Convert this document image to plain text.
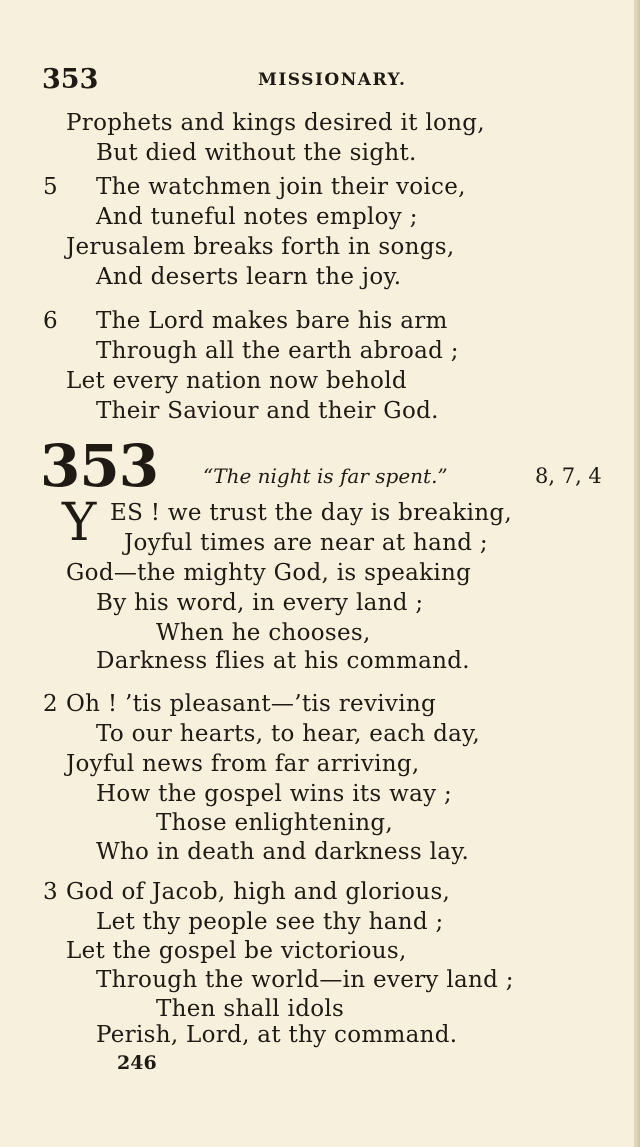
353	MISSIONARY.
Prophets and kings desired it long,
But died without the sight.
5 The watchmen join their voice,
And tuneful notes employ ;
Jerusalem breaks forth in songs,
And deserts learn the joy.
6 The Lord makes bare his arm
Through all the earth abroad ;
Let every nation now behold
Their Saviour and their God.
353 “The night is far spent.”	8, 7, 4
Y ES ! we trust the day is breaking,
Joyful times are near at hand ;
God—the mighty God, is speaking
By his word, in every land ;
When he chooses,
Darkness flies at his command.
2 Oh ! ’tis pleasant—’tis reviving
To our hearts, to hear, each day,
Joyful news from far arriving,
How the gospel wins its way ;
Those enlightening,
Who in death and darkness lay.
3 God of Jacob, high and glorious,
Let thy people see thy hand ;
Let the gospel be victorious,
Through the world—in every land ;
Then shall idols
Perish, Lord, at thy command.
246
